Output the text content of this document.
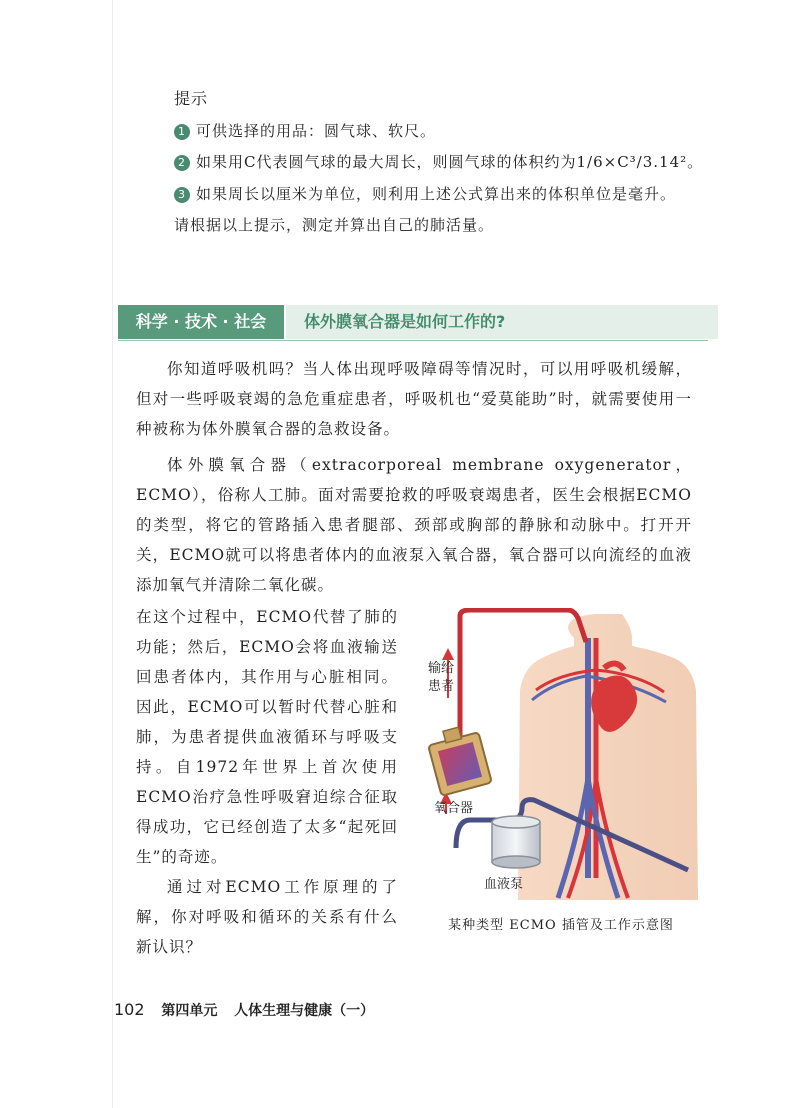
提示
1 可供选择的用品：圆气球、软尺。
2 如果用C代表圆气球的最大周长，则圆气球的体积约为1/6×C³/3.14²。
3 如果周长以厘米为单位，则利用上述公式算出来的体积单位是毫升。
请根据以上提示，测定并算出自己的肺活量。
科学 · 技术 · 社会	体外膜氧合器是如何工作的?
你知道呼吸机吗？当人体出现呼吸障碍等情况时，可以用呼吸机缓解，但对一些呼吸衰竭的急危重症患者，呼吸机也“爱莫能助”时，就需要使用一种被称为体外膜氧合器的急救设备。
体外膜氧合器（extracorporeal membrane oxygenerator，ECMO），俗称人工肺。面对需要抢救的呼吸衰竭患者，医生会根据ECMO的类型，将它的管路插入患者腿部、颈部或胸部的静脉和动脉中。打开开关，ECMO就可以将患者体内的血液泵入氧合器，氧合器可以向流经的血液添加氧气并清除二氧化碳。
在这个过程中，ECMO代替了肺的功能；然后，ECMO会将血液输送回患者体内，其作用与心脏相同。因此，ECMO可以暂时代替心脏和肺，为患者提供血液循环与呼吸支持。自1972年世界上首次使用ECMO治疗急性呼吸窘迫综合征取得成功，它已经创造了太多“起死回生”的奇迹。
通过对ECMO工作原理的了解，你对呼吸和循环的关系有什么新认识？
输给患者
氧合器
血液泵
某种类型 ECMO 插管及工作示意图
102 第四单元 人体生理与健康（一）
